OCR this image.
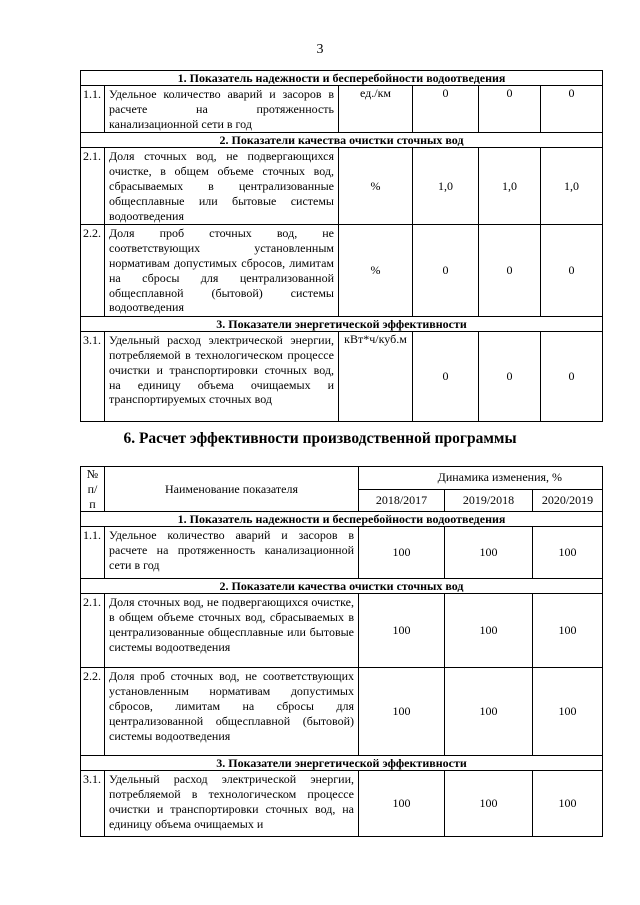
3
1. Показатель надежности и бесперебойности водоотведения					
1.1.	Удельное количество аварий и засоров в расчете на протяженность канализационной сети в год	ед./км	0	0	0
2. Показатели качества очистки сточных вод					
2.1.	Доля сточных вод, не подвергающихся очистке, в общем объеме сточных вод, сбрасываемых в централизованные общесплавные или бытовые системы водоотведения	%	1,0	1,0	1,0
2.2.	Доля проб сточных вод, не соответствующих установленным нормативам допустимых сбросов, лимитам на сбросы для централизованной общесплавной (бытовой) системы водоотведения	%	0	0	0
3. Показатели энергетической эффективности					
3.1.	Удельный расход электрической энергии, потребляемой в технологическом процессе очистки и транспортировки сточных вод, на единицу объема очищаемых и транспортируемых сточных вод	кВт*ч/куб.м	0	0	0
6. Расчет эффективности производственной программы
№ п/п	Наименование показателя	Динамика изменения, %		
		2018/2017	2019/2018	2020/2019
1. Показатель надежности и бесперебойности водоотведения				
1.1.	Удельное количество аварий и засоров в расчете на протяженность канализационной сети в год	100	100	100
2. Показатели качества очистки сточных вод				
2.1.	Доля сточных вод, не подвергающихся очистке, в общем объеме сточных вод, сбрасываемых в централизованные общесплавные или бытовые системы водоотведения	100	100	100
2.2.	Доля проб сточных вод, не соответствующих установленным нормативам допустимых сбросов, лимитам на сбросы для централизованной общесплавной (бытовой) системы водоотведения	100	100	100
3. Показатели энергетической эффективности				
3.1.	Удельный расход электрической энергии, потребляемой в технологическом процессе очистки и транспортировки сточных вод, на единицу объема очищаемых и	100	100	100
